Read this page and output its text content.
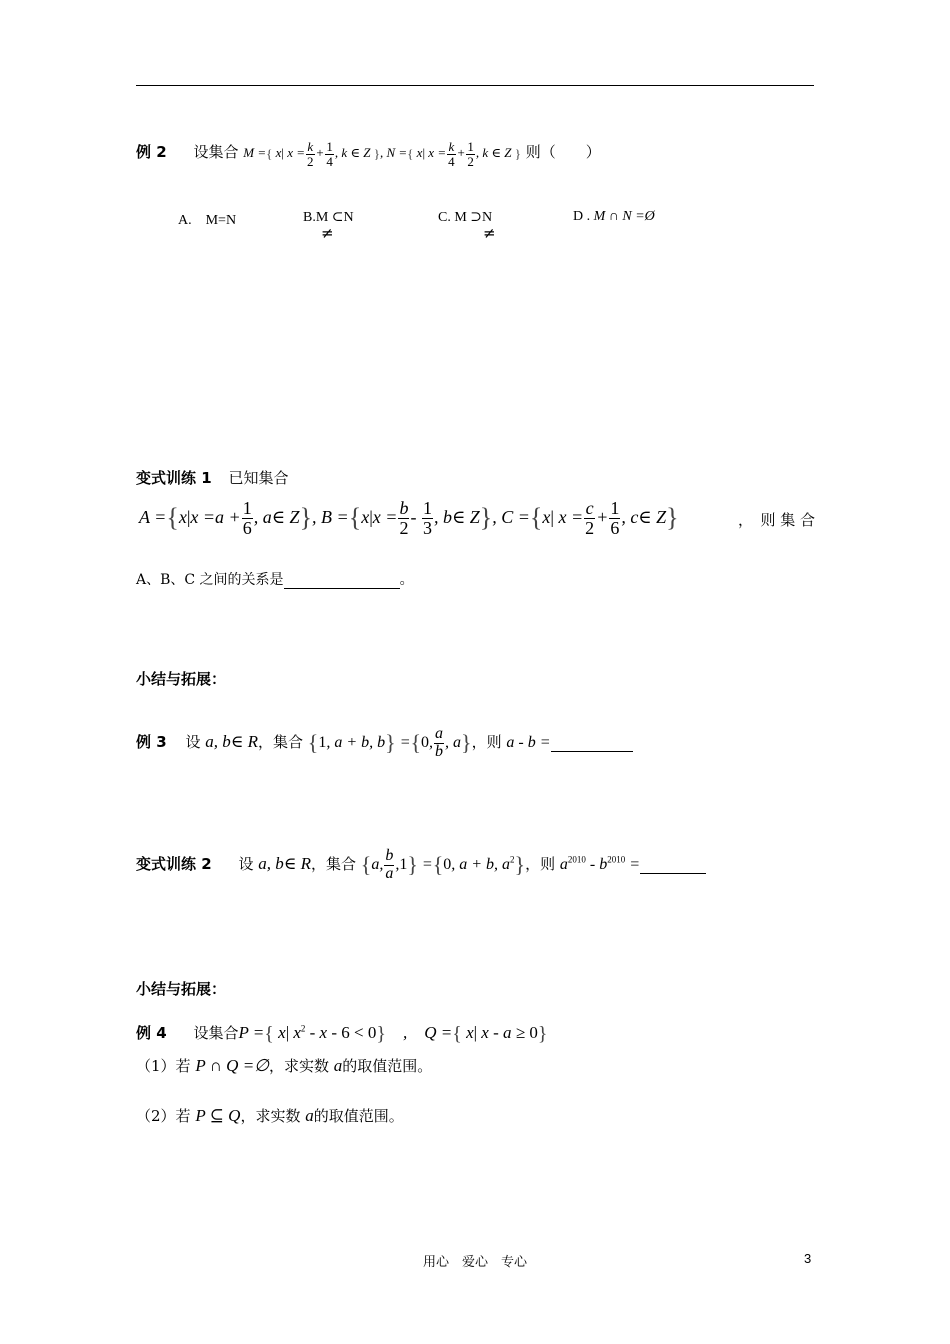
例 2 设集合 M ={ x| $x = \frac{k}{2} + \frac{1}{4}$ , k ∈ Z }, N ={ x| $x = \frac{k}{4} + \frac{1}{2}$ , k ∈ Z } 则（　　）
A.　M=N	B.M ⊂N
≠
C. M ⊃N
≠
D . M ∩ N =Ø
变式训练 1 已知集合
$A =\{x|x =a + \frac{1}{6}$ , a∈ Z}, $B =\{x|x = \frac{b}{2} - \frac{1}{3}$ , b∈ Z}, C ={x| $x = \frac{c}{2} + \frac{1}{6}$ , c∈ Z}	，　则 集 合
A、B、C 之间的关系是	。
小结与拓展：
例 3 设 a, b∈ R，集合 {1, a + b, b} ={0, $\frac{a}{b}$ , a}，则 a - b =
变式训练 2 设 a, b∈ R，集合 {a, $\frac{b}{a} ,1\} =\{0$, a + b, $a^2$}，则 $a^{2010} - b^{2010}$ =
小结与拓展：
例 4 设集合P ={ x| $x^2 - x - 6 < 0$}　,　Q ={ x| x - a ≥ 0}
（1）若 P ∩ Q =∅，求实数 a的取值范围。
（2）若 P ⊆ Q，求实数 a的取值范围。
用心　爱心　专心	3
